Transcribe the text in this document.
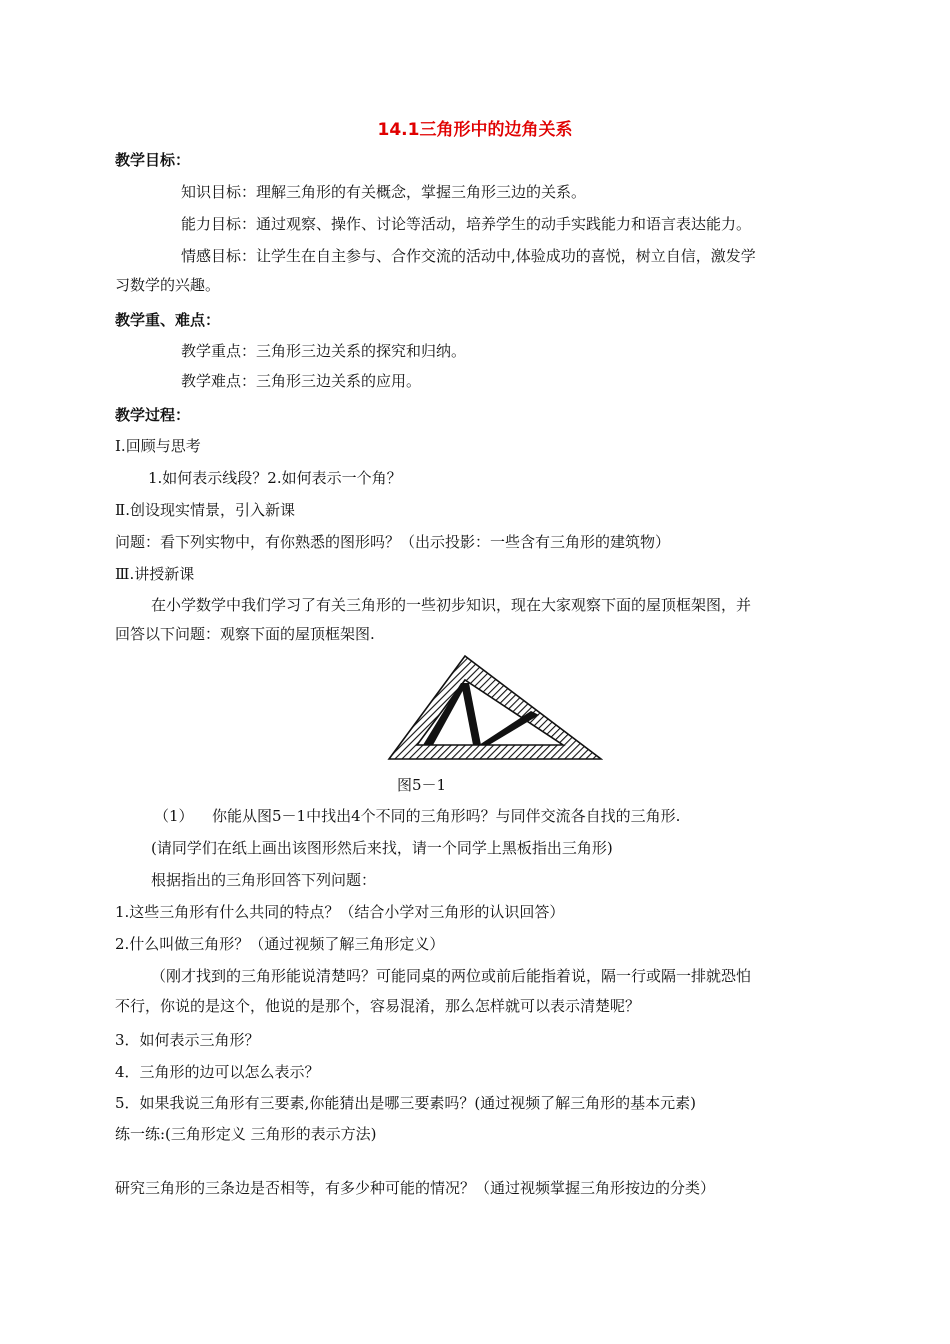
14.1三角形中的边角关系
教学目标：
知识目标：理解三角形的有关概念，掌握三角形三边的关系。
能力目标：通过观察、操作、讨论等活动，培养学生的动手实践能力和语言表达能力。
情感目标：让学生在自主参与、合作交流的活动中,体验成功的喜悦，树立自信，激发学
习数学的兴趣。
教学重、难点：
教学重点：三角形三边关系的探究和归纳。
教学难点：三角形三边关系的应用。
教学过程：
Ⅰ.回顾与思考
1.如何表示线段？2.如何表示一个角？
Ⅱ.创设现实情景，引入新课
问题：看下列实物中，有你熟悉的图形吗？（出示投影：一些含有三角形的建筑物）
Ⅲ.讲授新课
在小学数学中我们学习了有关三角形的一些初步知识，现在大家观察下面的屋顶框架图，并
回答以下问题：观察下面的屋顶框架图.
图5－1
（1） 你能从图5－1中找出4个不同的三角形吗？与同伴交流各自找的三角形.
(请同学们在纸上画出该图形然后来找，请一个同学上黑板指出三角形)
根据指出的三角形回答下列问题：
1.这些三角形有什么共同的特点？（结合小学对三角形的认识回答）
2.什么叫做三角形？（通过视频了解三角形定义）
（刚才找到的三角形能说清楚吗？可能同桌的两位或前后能指着说，隔一行或隔一排就恐怕
不行，你说的是这个，他说的是那个，容易混淆，那么怎样就可以表示清楚呢？
3．如何表示三角形？
4．三角形的边可以怎么表示？
5．如果我说三角形有三要素,你能猜出是哪三要素吗？(通过视频了解三角形的基本元素)
练一练:(三角形定义 三角形的表示方法)
研究三角形的三条边是否相等，有多少种可能的情况？（通过视频掌握三角形按边的分类）
